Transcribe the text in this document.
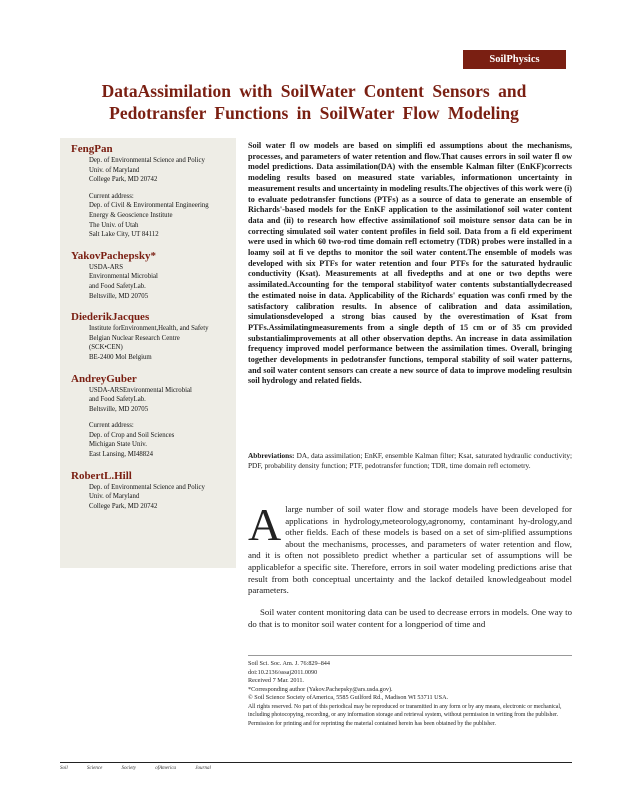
SoilPhysics
DataAssimilation with SoilWater Content Sensors and
Pedotransfer Functions in SoilWater Flow Modeling

FengPan

Dep. of Environmental Science and Policy

Univ. of Maryland

College Park, MD 20742

Current address:

Dep. of Civil & Environmental Engineering

Energy & Geoscience Institute

The Univ. of Utah

Salt Lake City, UT 84112

YakovPachepsky*

USDA-ARS

Environmental Microbial

and Food SafetyLab.

Beltsville, MD 20705

DiederikJacques

Institute forEnvironment,Health, and Safety

Belgian Nuclear Research Centre

(SCK•CEN)

BE-2400 Mol Belgium

AndreyGuber

USDA-ARSEnvironmental Microbial

and Food SafetyLab.

Beltsville, MD 20705

Current address:

Dep. of Crop and Soil Sciences

Michigan State Univ.

East Lansing, MI48824

RobertL.Hill

Dep. of Environmental Science and Policy

Univ. of Maryland

College Park, MD 20742

Soil water fl ow models are based on simplifi ed assumptions about the mechanisms, processes, and parameters of water retention and flow.That causes errors in soil water fl ow model predictions. Data assimilation(DA) with the ensemble Kalman filter (EnKF)corrects modeling results based on measured state variables, informationon uncertainty in measurement results and uncertainty in modeling results.The objectives of this work were (i) to evaluate pedotransfer functions (PTFs) as a source of data to generate an ensemble of Richards'-based models for the EnKF application to the assimilationof soil water content data and (ii) to research how effective assimilationof soil moisture sensor data can be in correcting simulated soil water content profiles in field soil. Data from a fi eld experiment were used in which 60 two-rod time domain refl ectometry (TDR) probes were installed in a loamy soil at fi ve depths to monitor the soil water content.The ensemble of models was developed with six PTFs for water retention and four PTFs for the saturated hydraulic conductivity (Ksat). Measurements at all fivedepths and at one or two depths were assimilated.Accounting for the temporal stabilityof water contents substantiallydecreased the estimated noise in data. Applicability of the Richards' equation was confi rmed by the satisfactory calibration results. In absence of calibration and data assimilation, simulationsdeveloped a strong bias caused by the overestimation of Ksat from PTFs.Assimilatingmeasurements from a single depth of 15 cm or of 35 cm provided substantialimprovements at all other observation depths. An increase in data assimilation frequency improved model performance between the assimilation times. Overall, bringing together developments in pedotransfer functions, temporal stability of soil water patterns, and soil water content sensors can create a new source of data to improve modeling resultsin soil hydrology and related fields.

Abbreviations: DA, data assimilation; EnKF, ensemble Kalman filter; Ksat, saturated hydraulic conductivity; PDF, probability density function; PTF, pedotransfer function; TDR, time domain refl ectometry.

A large number of soil water flow and storage models have been developed for applications in hydrology,meteorology,agronomy, contaminant hy-drology,and other fields. Each of these models is based on a set of sim-plified assumptions about the mechanisms, processes, and parameters of water retention and flow, and it is often not possibleto predict whether a particular set of assumptions will be applicablefor a specific site. Therefore, errors in soil water modeling predictions arise that result from both conceptual uncertainty and the lackof detailed knowledgeabout model parameters.

Soil water content monitoring data can be used to decrease errors in models. One way to do that is to monitor soil water content for a longperiod of time and

Soil Sci. Soc. Am. J. 76:829–844

doi:10.2136/sssaj2011.0090

Received 7 Mar. 2011.

*Corresponding author (Yakov.Pachepsky@ars.usda.gov).

© Soil Science Society ofAmerica, 5585 Guilford Rd., Madison WI 53711 USA.

All rights reserved. No part of this periodical may be reproduced or transmitted in any form or by any means, electronic or mechanical, including photocopying, recording, or any information storage and retrieval system, without permission in writing from the publisher. Permission for printing and for reprinting the material contained herein has been obtained by the publisher.

Soil Science Society ofAmerica Journal
